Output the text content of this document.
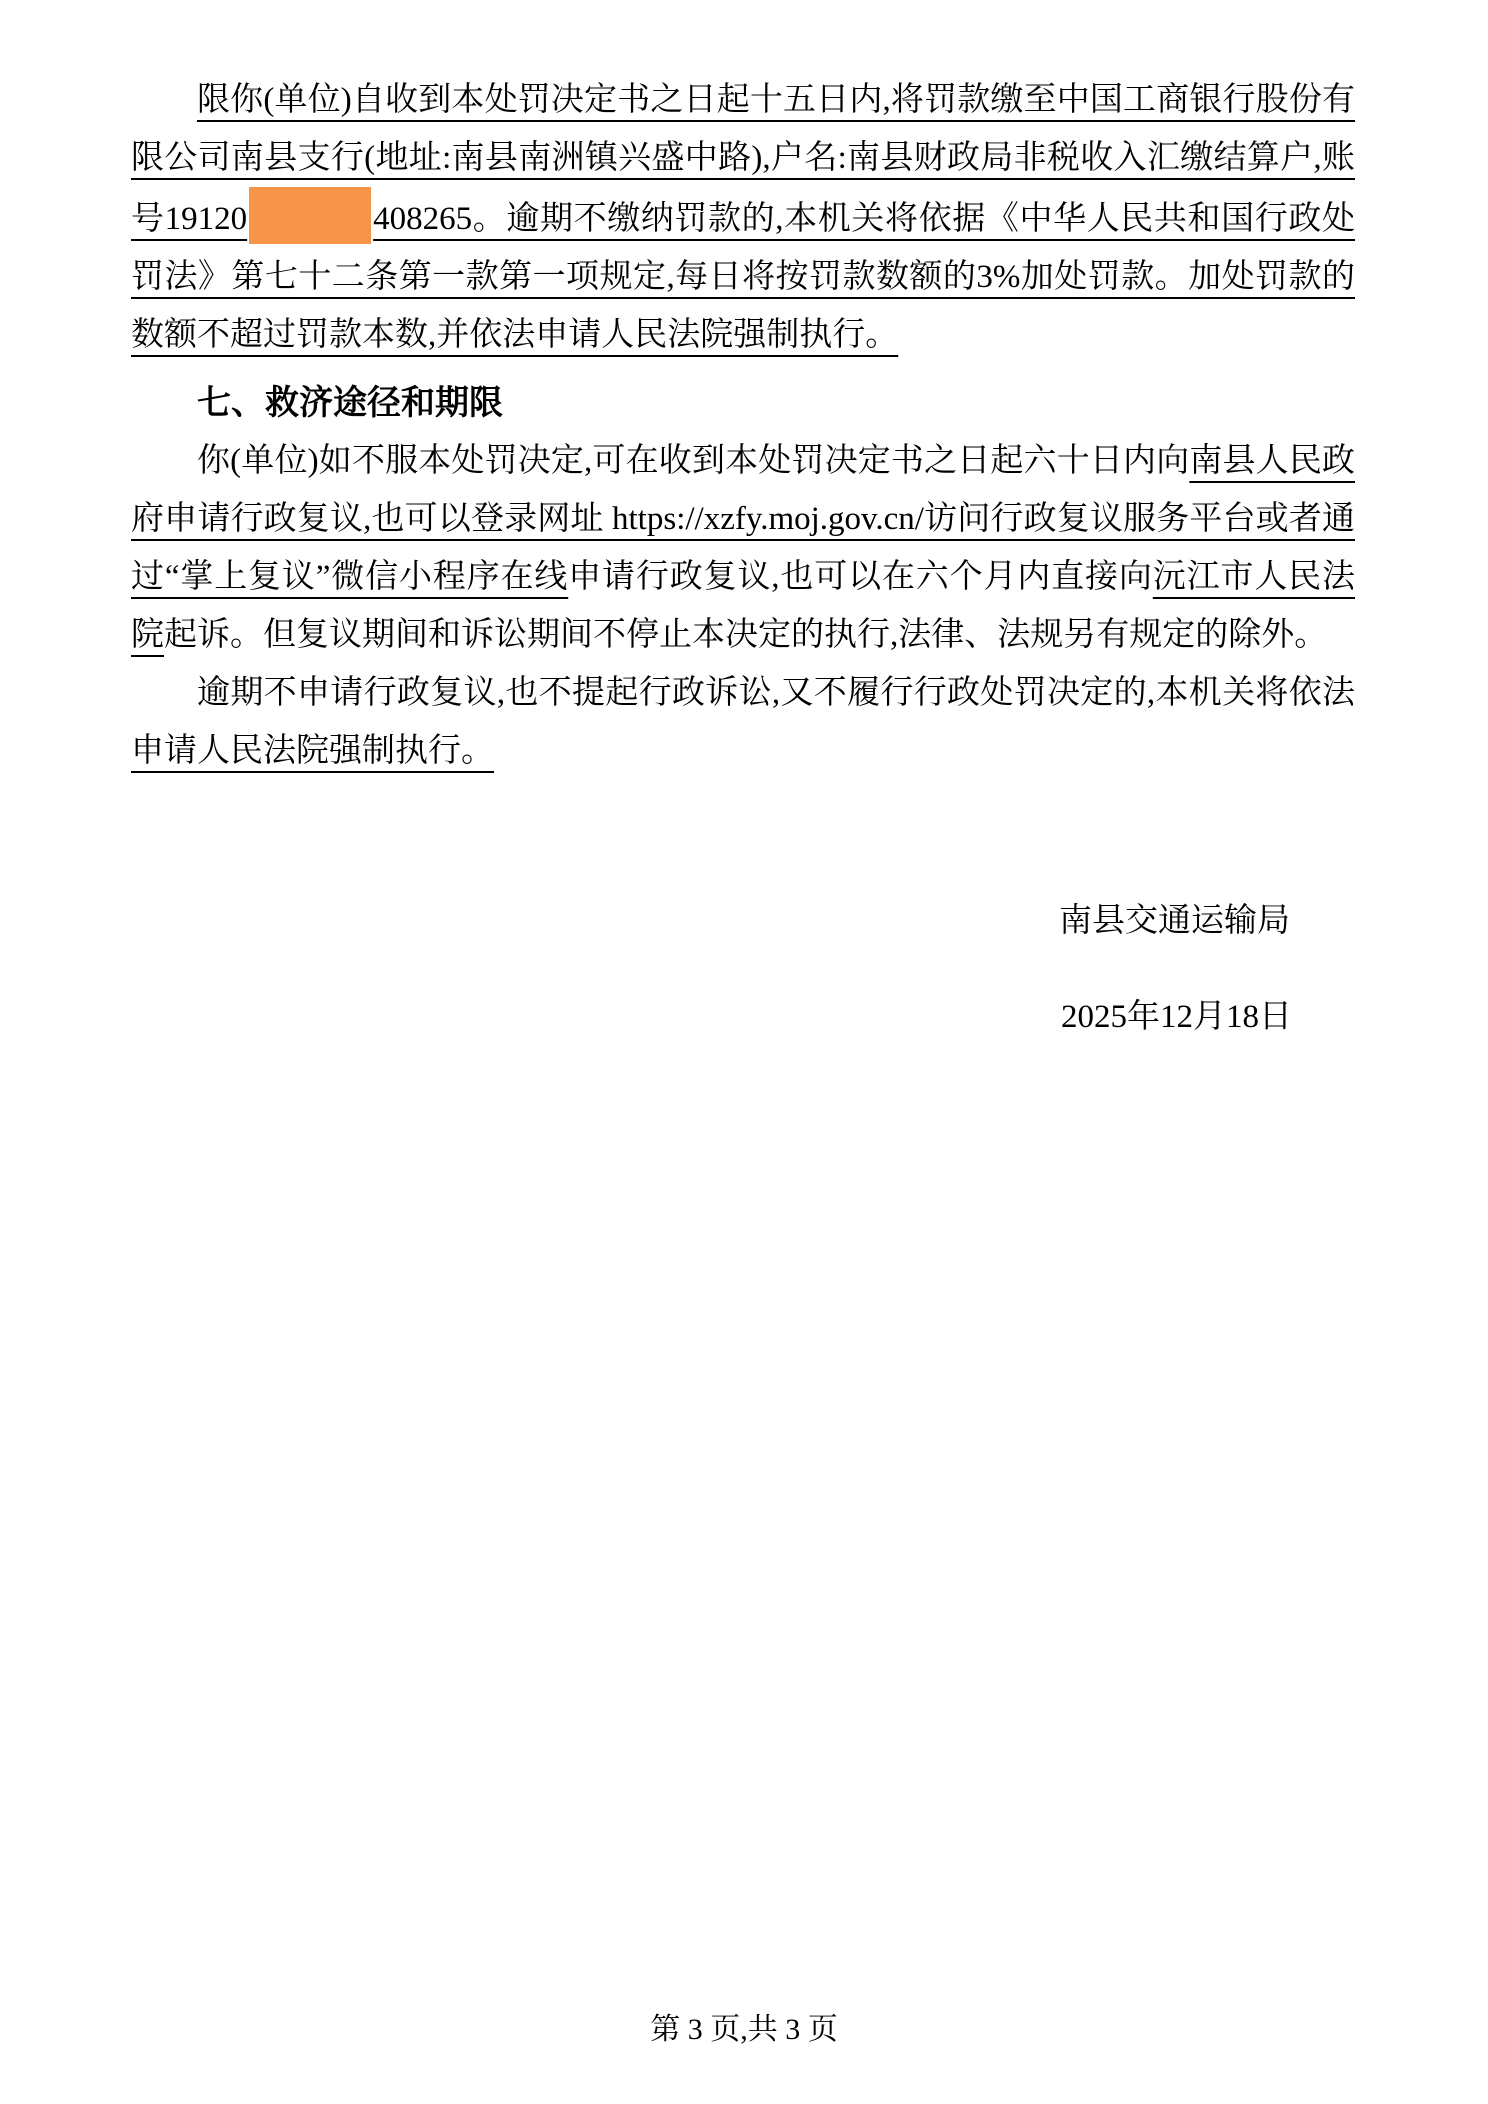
限你(单位)自收到本处罚决定书之日起十五日内,将罚款缴至中国工商银行股份有限公司南县支行(地址:南县南洲镇兴盛中路),户名:南县财政局非税收入汇缴结算户,账号19120	408265。逾期不缴纳罚款的,本机关将依据《中华人民共和国行政处罚法》第七十二条第一款第一项规定,每日将按罚款数额的3%加处罚款。加处罚款的数额不超过罚款本数,并依法申请人民法院强制执行。

七、救济途径和期限

你(单位)如不服本处罚决定,可在收到本处罚决定书之日起六十日内向南县人民政府申请行政复议,也可以登录网址 https://xzfy.moj.gov.cn/访问行政复议服务平台或者通过“掌上复议”微信小程序在线申请行政复议,也可以在六个月内直接向沅江市人民法院起诉。但复议期间和诉讼期间不停止本决定的执行,法律、法规另有规定的除外。

逾期不申请行政复议,也不提起行政诉讼,又不履行行政处罚决定的,本机关将依法申请人民法院强制执行。

南县交通运输局
2025年12月18日
第 3 页,共 3 页
